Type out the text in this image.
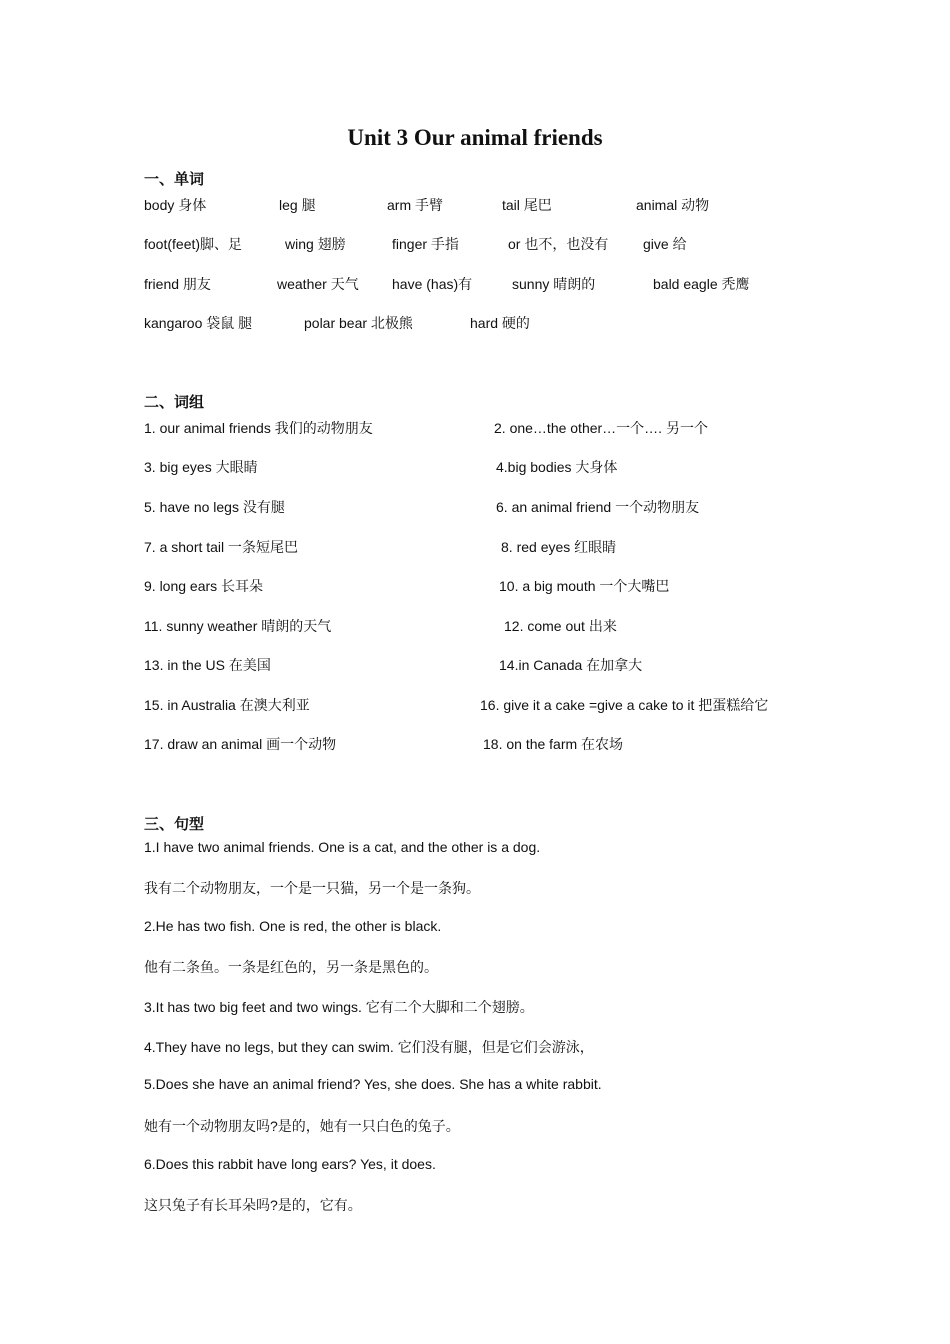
Unit 3 Our animal friends
一、单词
body 身体	leg 腿	arm 手臂	tail 尾巴	animal 动物
foot(feet)脚、足	wing 翅膀	finger 手指	or 也不，也没有 give 给
friend 朋友	weather 天气 have (has)有	sunny 晴朗的	bald eagle 秃鹰
kangaroo 袋鼠 腿	polar bear 北极熊	hard 硬的
二、词组
1. our animal friends 我们的动物朋友	2. one…the other…一个…. 另一个
3. big eyes 大眼睛	4.big bodies 大身体
5. have no legs 没有腿	6. an animal friend 一个动物朋友
7. a short tail 一条短尾巴	8. red eyes 红眼睛
9. long ears 长耳朵	10. a big mouth 一个大嘴巴
11. sunny weather 晴朗的天气	12. come out 出来
13. in the US 在美国	14.in Canada 在加拿大
15. in Australia 在澳大利亚	16. give it a cake =give a cake to it 把蛋糕给它
17. draw an animal 画一个动物	18. on the farm 在农场
三、句型
1.I have two animal friends. One is a cat, and the other is a dog.
我有二个动物朋友，一个是一只猫，另一个是一条狗。
2.He has two fish. One is red, the other is black.
他有二条鱼。一条是红色的，另一条是黑色的。
3.It has two big feet and two wings. 它有二个大脚和二个翅膀。
4.They have no legs, but they can swim. 它们没有腿，但是它们会游泳，
5.Does she have an animal friend? Yes, she does. She has a white rabbit.
她有一个动物朋友吗?是的，她有一只白色的兔子。
6.Does this rabbit have long ears? Yes, it does.
这只兔子有长耳朵吗?是的，它有。
